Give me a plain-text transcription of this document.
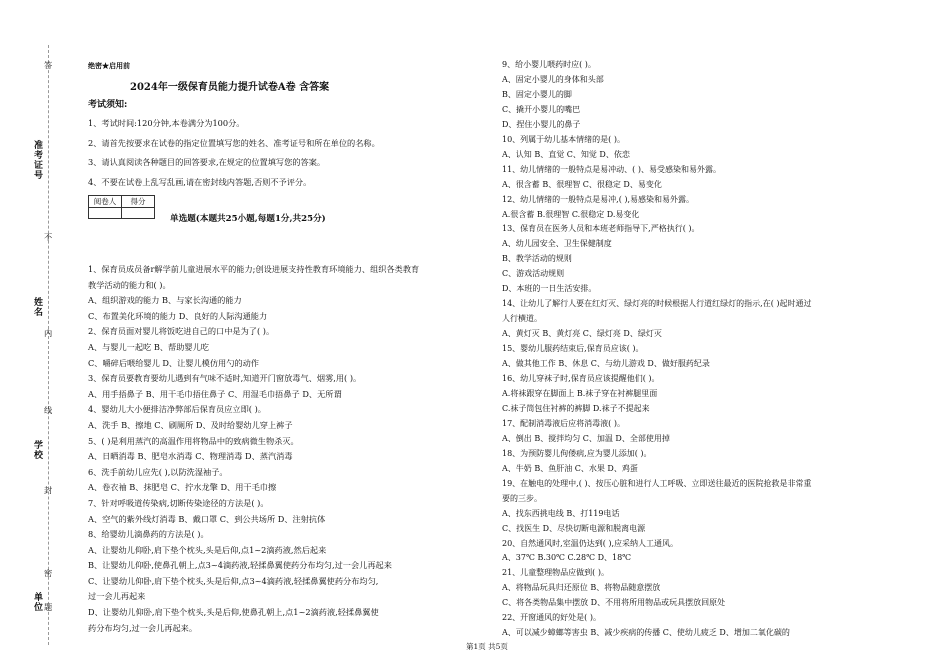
准考证号
姓名
学校
单位
答
不
内
线
封
密
题
绝密★启用前
2024年一级保育员能力提升试卷A卷 含答案
考试须知:
1、考试时间:120分钟,本卷满分为100分。
2、请首先按要求在试卷的指定位置填写您的姓名、准考证号和所在单位的名称。
3、请认真阅读各种题目的回答要求,在规定的位置填写您的答案。
4、不要在试卷上乱写乱画,请在密封线内答题,否则不予评分。
阅卷人	得分

单选题(本题共25小题,每题1分,共25分)
1、保育员成员备r解学前儿童进展水平的能力;创设进展支持性教育环境能力、组织各类教育
教学活动的能力和( )。
A、组织游戏的能力 B、与家长沟通的能力
C、布置美化环境的能力 D、良好的人际沟通能力
2、保育员面对婴儿将饭吃进自己的口中是为了( )。
A、与婴儿一起吃 B、帮助婴儿吃
C、嚼碎后喂给婴儿 D、让婴儿模仿用勺的动作
3、保育员要教育要幼儿遇到有气味不适时,知道开门窗放毒气、烟雾,用( )。
A、用手捂鼻子 B、用干毛巾捂住鼻子 C、用湿毛巾捂鼻子 D、无所谓
4、婴幼儿大小便排洁净弊部后保育员应立即( )。
A、洗手 B、擦地 C、刷厕所 D、及时给婴幼儿穿上裤子
5、( )是利用蒸汽的高温作用将物品中的致病微生物杀灭。
A、日晒消毒 B、肥皂水消毒 C、物理消毒 D、蒸汽消毒
6、洗手前幼儿应先( ),以防洗湿袖子。
A、卷衣袖 B、抹肥皂 C、拧水龙擎 D、用干毛巾擦
7、针对呼吸道传染病,切断传染途径的方法是( )。
A、空气的紫外线灯消毒 B、戴口罩 C、到公共场所 D、注射抗体
8、给婴幼儿滴鼻药的方法是( )。
A、让婴幼儿仰卧,肩下垫个枕头,头是后仰,点1~2滴药液,然后起来
B、让婴幼儿仰卧,使鼻孔朝上,点3~4滴药液,轻揉鼻翼使药分布均匀,过一会儿再起来
C、让婴幼儿仰卧,肩下垫个枕头,头是后仰,点3~4滴药液,轻揉鼻翼使药分布均匀,
过一会儿再起来
D、让婴幼儿仰卧,肩下垫个枕头,头是后仰,使鼻孔朝上,点1~2滴药液,轻揉鼻翼使
药分布均匀,过一会儿再起来。
9、给小婴儿喂药时应( )。
A、固定小婴儿的身体和头部
B、固定小婴儿的脚
C、撬开小婴儿的嘴巴
D、捏住小婴儿的鼻子
10、列属于幼儿基本情绪的是( )。
A、认知 B、直觉 C、知觉 D、依恋
11、幼儿情绪的一般特点是易冲动、( )、易受感染和易外露。
A、很含蓄 B、很理智 C、很稳定 D、易变化
12、幼儿情绪的一般特点是易冲,( ),易感染和易外露。
A.很含蓄 B.很理智 C.很稳定 D.易变化
13、保育员在医务人员和本班老师指导下,严格执行( )。
A、幼儿园安全、卫生保健制度
B、教学活动的规则
C、游戏活动规则
D、本班的一日生活安排。
14、让幼儿了解行人要在红灯灭、绿灯亮的时候根据人行道红绿灯的指示,在( )起时通过
人行横道。
A、黄灯灭 B、黄灯亮 C、绿灯亮 D、绿灯灭
15、婴幼儿服药结束后,保育员应该( )。
A、做其他工作 B、休息 C、与幼儿游戏 D、做好服药纪录
16、幼儿穿袜子时,保育员应该提醒他们( )。
A.将袜跟穿在脚面上 B.袜子穿在衬裤腿里面
C.袜子筒包住衬裤的裤脚 D.袜子不提起来
17、配制消毒液后应将消毒液( )。
A、倒出 B、搅拌均匀 C、加温 D、全部使用掉
18、为预防婴儿佝偻病,应为婴儿添加( )。
A、牛奶 B、鱼肝油 C、水果 D、鸡蛋
19、在触电的处理中,( )、按压心脏和进行人工呼吸、立即送往最近的医院抢救是非常重
要的三步。
A、找东西挑电线 B、打119电话
C、找医生 D、尽快切断电源和脱离电源
20、自然通风时,室温仍达到( ),应采纳人工通风。
A、37℃ B.30℃ C.28℃ D、18℃
21、儿童整理物品应做到( )。
A、将物品玩具归还原位 B、将物品随意摆放
C、将各类物品集中摆放 D、不用将所用物品或玩具摆放回原处
22、开窗通风的好处是( )。
A、可以减少蟑螂等害虫 B、减少疾病的传播 C、使幼儿疲乏 D、增加二氧化碳的
第1页 共5页
